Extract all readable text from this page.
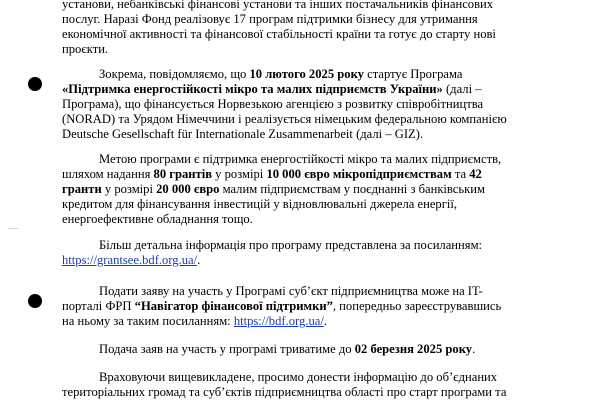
установи, небанківські фінансові установи та інших постачальників фінансових
послуг. Наразі Фонд реалізовує 17 програм підтримки бізнесу для утримання
економічної активності та фінансової стабільності країни та готує до старту нові
проєкти.
Зокрема, повідомляємо, що 10 лютого 2025 року стартує Програма
«Підтримка енергостійкості мікро та малих підприємств України» (далі –
Програма), що фінансується Норвезькою агенцією з розвитку співробітництва
(NORAD) та Урядом Німеччини і реалізується німецьким федеральною компанією
Deutsche Gesellschaft für Internationale Zusammenarbeit (далі – GIZ).
Метою програми є підтримка енергостійкості мікро та малих підприємств,
шляхом надання 80 грантів у розмірі 10 000 євро мікропідприємствам та 42
гранти у розмірі 20 000 євро малим підприємствам у поєднанні з банківським
кредитом для фінансування інвестицій у відновлювальні джерела енергії,
енергоефективне обладнання тощо.
Більш детальна інформація про програму представлена за посиланням:
https://grantsee.bdf.org.ua/.
Подати заяву на участь у Програмі суб’єкт підприємництва може на IT-
порталі ФРП “Навігатор фінансової підтримки”, попередньо зареєструвавшись
на ньому за таким посиланням: https://bdf.org.ua/.
Подача заяв на участь у програмі триватиме до 02 березня 2025 року.
Враховуючи вищевикладене, просимо донести інформацію до об’єднаних
територіальних громад та суб’єктів підприємництва області про старт програми та
